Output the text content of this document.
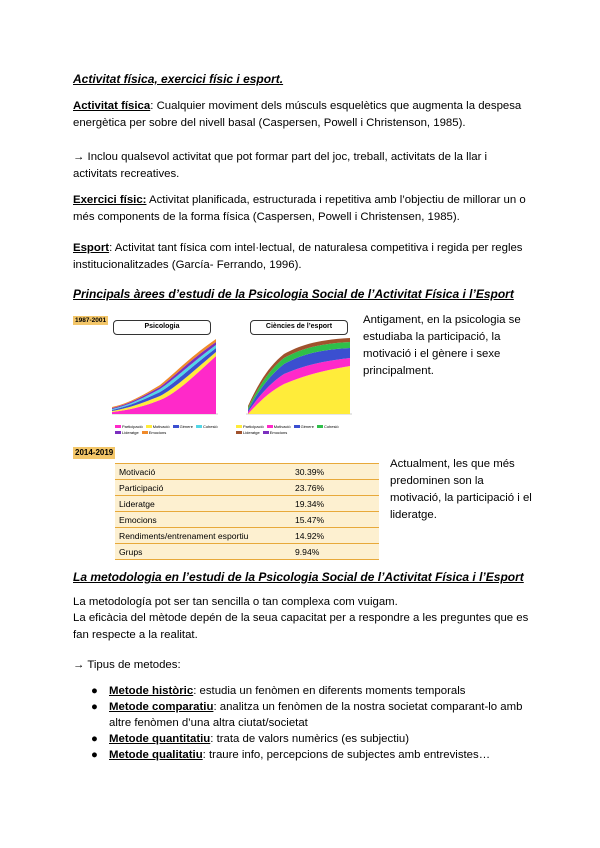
Activitat física, exercici físic i esport.
Activitat física: Cualquier moviment dels músculs esquelètics que augmenta la despesa energètica per sobre del nivell basal (Caspersen, Powell i Christenson, 1985).
→ Inclou qualsevol activitat que pot formar part del joc, treball, activitats de la llar i activitats recreatives.
Exercici físic: Activitat planificada, estructurada i repetitiva amb l’objectiu de millorar un o més components de la forma física (Caspersen, Powell i Christensen, 1985).
Esport: Activitat tant física com intel·lectual, de naturalesa competitiva i regida per regles institucionalitzades (García- Ferrando, 1996).
Principals àrees d’estudi de la Psicologia Social de l’Activitat Física i l’Esport
1987-2001
Psicologia	Ciències de l’esport
Participació	Motivació	Gènere	Cohesió
Lideratge	Emocions
Participació	Motivació	Gènere	Cohesió
Lideratge	Emocions
Antigament, en la psicologia se estudiaba la participació, la motivació i el gènere i sexe principalment.
2014-2019
Motivació	30.39%
Participació	23.76%
Lideratge	19.34%
Emocions	15.47%
Rendiments/entrenament esportiu	14.92%
Grups	9.94%
Actualment, les que més predominen son la motivació, la participació i el lideratge.
La metodologia en l’estudi de la Psicologia Social de l’Activitat Física i l’Esport
La metodología pot ser tan sencilla o tan complexa com vuigam.
La eficàcia del mètode depén de la seua capacitat per a respondre a les preguntes que es fan respecte a la realitat.
→ Tipus de metodes:
● Metode històric: estudia un fenòmen en diferents moments temporals
● Metode comparatiu: analitza un fenòmen de la nostra societat comparant-lo amb altre fenòmen d’una altra ciutat/societat
● Metode quantitatiu: trata de valors numèrics (es subjectiu)
● Metode qualitatiu: traure info, percepcions de subjectes amb entrevistes…
